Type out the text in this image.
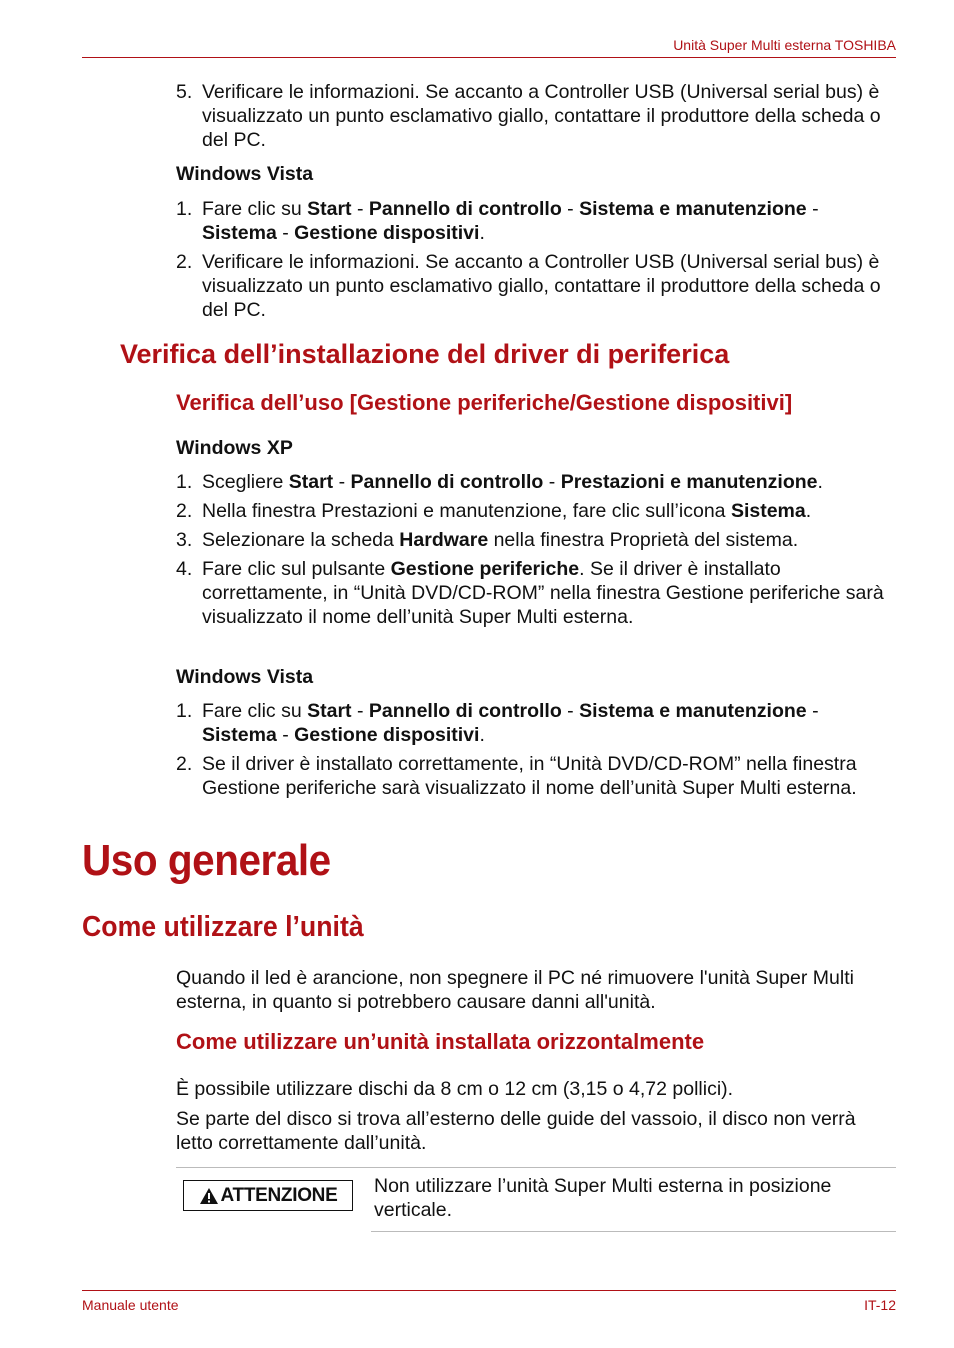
Unità Super Multi esterna TOSHIBA
5. Verificare le informazioni. Se accanto a Controller USB (Universal serial bus) è visualizzato un punto esclamativo giallo, contattare il produttore della scheda o del PC.
Windows Vista
1. Fare clic su Start - Pannello di controllo - Sistema e manutenzione - Sistema - Gestione dispositivi.
2. Verificare le informazioni. Se accanto a Controller USB (Universal serial bus) è visualizzato un punto esclamativo giallo, contattare il produttore della scheda o del PC.
Verifica dell’installazione del driver di periferica
Verifica dell’uso [Gestione periferiche/Gestione dispositivi]
Windows XP
1. Scegliere Start - Pannello di controllo - Prestazioni e manutenzione.
2. Nella finestra Prestazioni e manutenzione, fare clic sull’icona Sistema.
3. Selezionare la scheda Hardware nella finestra Proprietà del sistema.
4. Fare clic sul pulsante Gestione periferiche. Se il driver è installato correttamente, in “Unità DVD/CD-ROM” nella finestra Gestione periferiche sarà visualizzato il nome dell’unità Super Multi esterna.
Windows Vista
1. Fare clic su Start - Pannello di controllo - Sistema e manutenzione - Sistema - Gestione dispositivi.
2. Se il driver è installato correttamente, in “Unità DVD/CD-ROM” nella finestra Gestione periferiche sarà visualizzato il nome dell’unità Super Multi esterna.
Uso generale
Come utilizzare l’unità
Quando il led è arancione, non spegnere il PC né rimuovere l'unità Super Multi esterna, in quanto si potrebbero causare danni all'unità.
Come utilizzare un’unità installata orizzontalmente
È possibile utilizzare dischi da 8 cm o 12 cm (3,15 o 4,72 pollici).
Se parte del disco si trova all’esterno delle guide del vassoio, il disco non verrà letto correttamente dall’unità.
ATTENZIONE Non utilizzare l’unità Super Multi esterna in posizione verticale.
Manuale utente	IT-12
